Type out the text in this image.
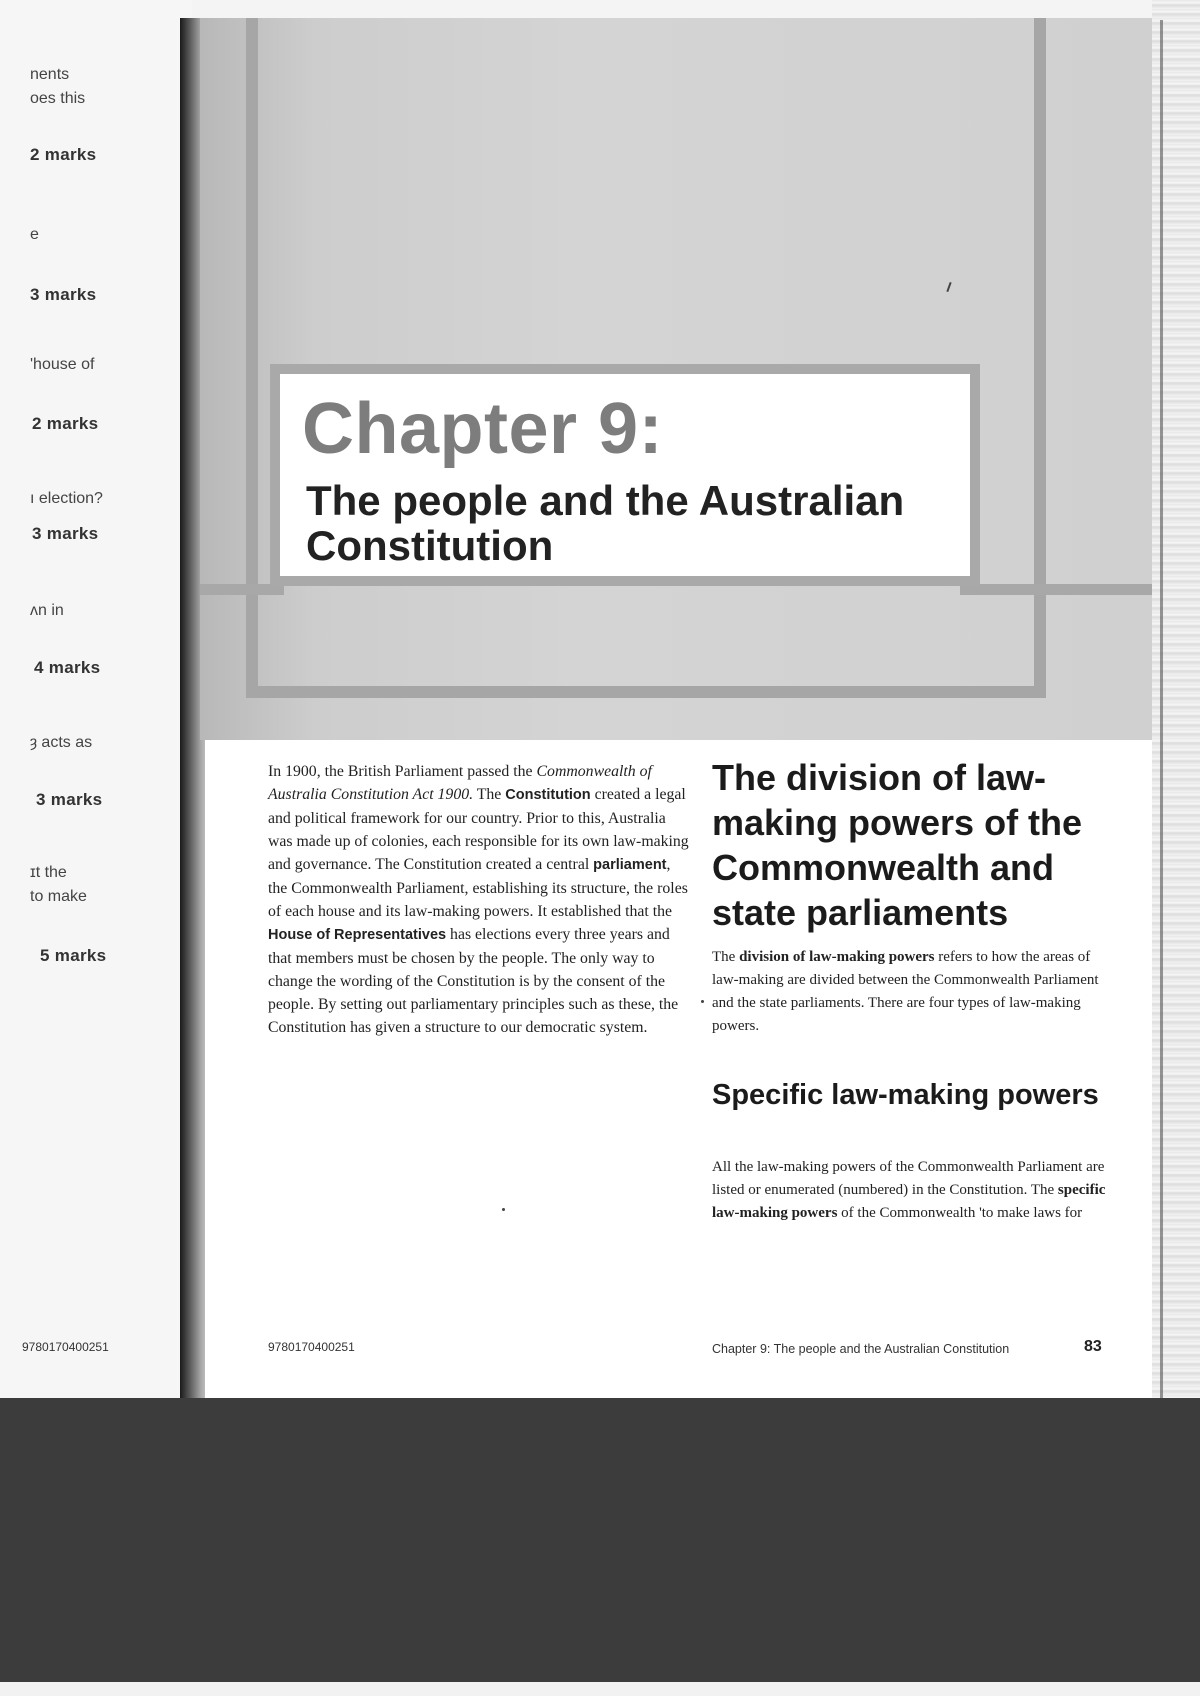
nents
oes this
2 marks
e
3 marks
'house of
2 marks
ı election?
3 marks
ʌn in
4 marks
ȝ acts as
3 marks
ɪt the
to make
5 marks
9780170400251
Chapter 9:
The people and the Australian Constitution
In 1900, the British Parliament passed the Commonwealth of Australia Constitution Act 1900. The Constitution created a legal and political framework for our country. Prior to this, Australia was made up of colonies, each responsible for its own law-making and governance. The Constitution created a central parliament, the Commonwealth Parliament, establishing its structure, the roles of each house and its law-making powers. It established that the House of Representatives has elections every three years and that members must be chosen by the people. The only way to change the wording of the Constitution is by the consent of the people. By setting out parliamentary principles such as these, the Constitution has given a structure to our democratic system.
The division of law-making powers of the Commonwealth and state parliaments
The division of law-making powers refers to how the areas of law-making are divided between the Commonwealth Parliament and the state parliaments. There are four types of law-making powers.
Specific law-making powers
All the law-making powers of the Commonwealth Parliament are listed or enumerated (numbered) in the Constitution. The specific law-making powers of the Commonwealth 'to make laws for
9780170400251	Chapter 9: The people and the Australian Constitution	83
